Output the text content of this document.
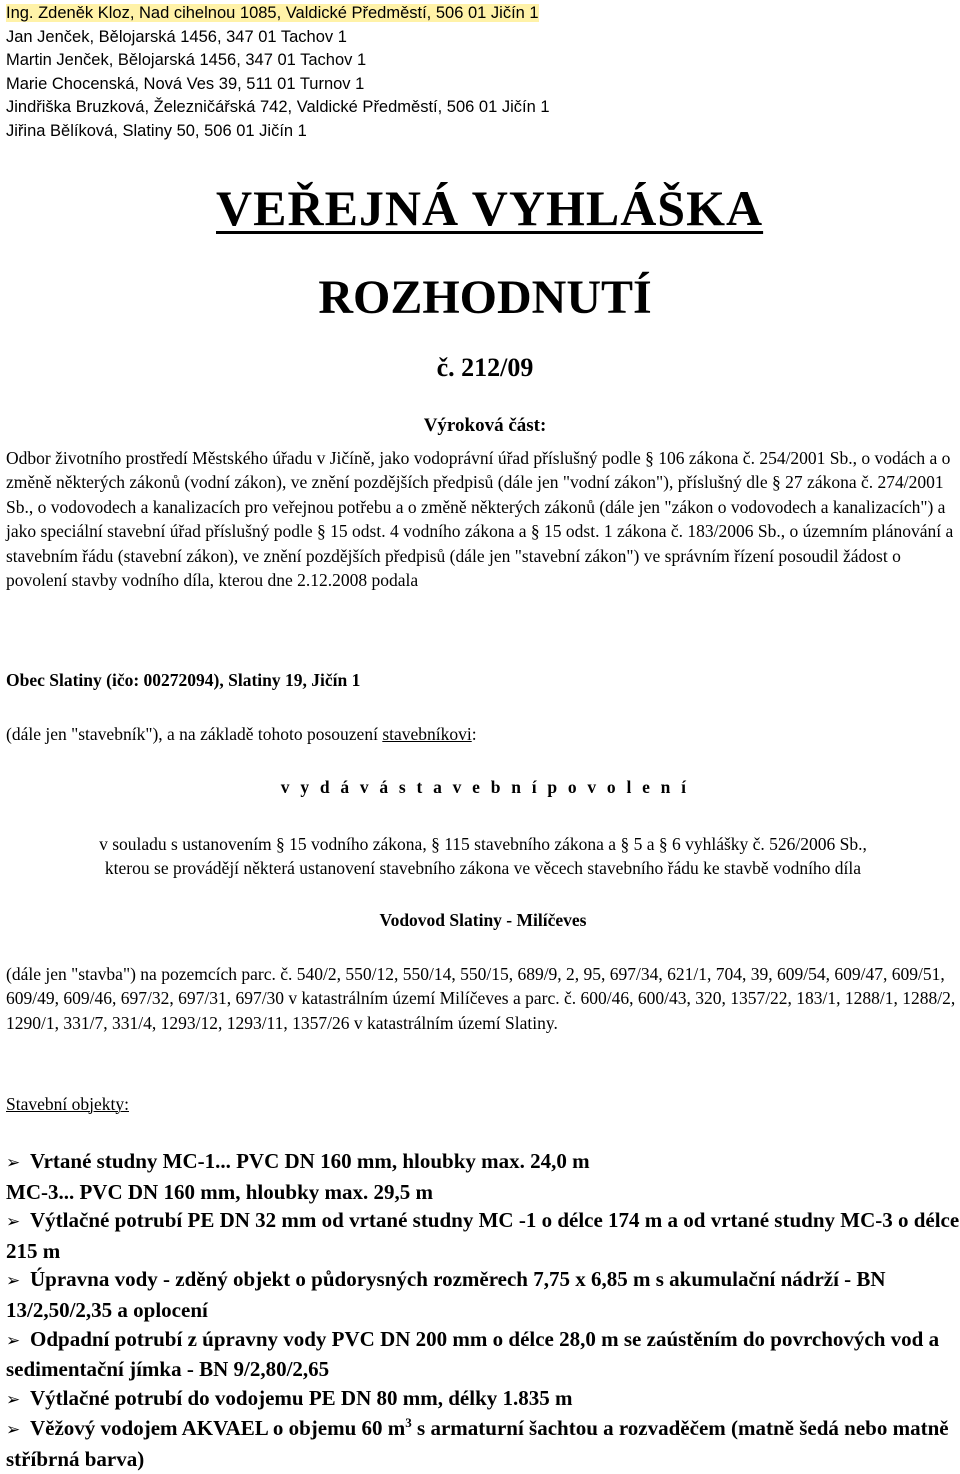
Ing. Zdeněk Kloz, Nad cihelnou 1085, Valdické Předměstí, 506 01 Jičín 1
Jan Jenček, Bělojarská 1456, 347 01 Tachov 1
Martin Jenček, Bělojarská 1456, 347 01 Tachov 1
Marie Chocenská, Nová Ves 39, 511 01 Turnov 1
Jindřiška Bruzková, Železničářská 742, Valdické Předměstí, 506 01 Jičín 1
Jiřina Bělíková, Slatiny 50, 506 01 Jičín 1
VEŘEJNÁ VYHLÁŠKA
ROZHODNUTÍ
č. 212/09
Výroková část:
Odbor životního prostředí Městského úřadu v Jičíně, jako vodoprávní úřad příslušný podle § 106 zákona č. 254/2001 Sb., o vodách a o změně některých zákonů (vodní zákon), ve znění pozdějších předpisů (dále jen "vodní zákon"), příslušný dle § 27 zákona č. 274/2001 Sb., o vodovodech a kanalizacích pro veřejnou potřebu a o změně některých zákonů (dále jen "zákon o vodovodech a kanalizacích") a jako speciální stavební úřad příslušný podle § 15 odst. 4 vodního zákona a § 15 odst. 1 zákona č. 183/2006 Sb., o územním plánování a stavebním řádu (stavební zákon), ve znění pozdějších předpisů (dále jen "stavební zákon") ve správním řízení posoudil žádost o povolení stavby vodního díla, kterou dne 2.12.2008 podala
Obec Slatiny (ičo: 00272094), Slatiny 19, Jičín 1
(dále jen "stavebník"), a na základě tohoto posouzení stavebníkovi:
v y d á v á s t a v e b n í p o v o l e n í
v souladu s ustanovením § 15 vodního zákona, § 115 stavebního zákona a § 5 a § 6 vyhlášky č. 526/2006 Sb.,
kterou se provádějí některá ustanovení stavebního zákona ve věcech stavebního řádu ke stavbě vodního díla
Vodovod Slatiny - Milíčeves
(dále jen "stavba") na pozemcích parc. č. 540/2, 550/12, 550/14, 550/15, 689/9, 2, 95, 697/34, 621/1, 704, 39, 609/54, 609/47, 609/51, 609/49, 609/46, 697/32, 697/31, 697/30 v katastrálním území Milíčeves a parc. č. 600/46, 600/43, 320, 1357/22, 183/1, 1288/1, 1288/2, 1290/1, 331/7, 331/4, 1293/12, 1293/11, 1357/26 v katastrálním území Slatiny.
Stavební objekty:

➢ Vrtané studny MC-1... PVC DN 160 mm, hloubky max. 24,0 m

MC-3... PVC DN 160 mm, hloubky max. 29,5 m

➢ Výtlačné potrubí PE DN 32 mm od vrtané studny MC -1 o délce 174 m a od vrtané studny MC-3 o délce 215 m

➢ Úpravna vody - zděný objekt o půdorysných rozměrech 7,75 x 6,85 m s akumulační nádrží - BN 13/2,50/2,35 a oplocení

➢ Odpadní potrubí z úpravny vody PVC DN 200 mm o délce 28,0 m se zaústěním do povrchových vod a sedimentační jímka - BN 9/2,80/2,65

➢ Výtlačné potrubí do vodojemu PE DN 80 mm, délky 1.835 m

➢ Věžový vodojem AKVAEL o objemu 60 $m^3$ s armaturní šachtou a rozvaděčem (matně šedá nebo matně stříbrná barva)
